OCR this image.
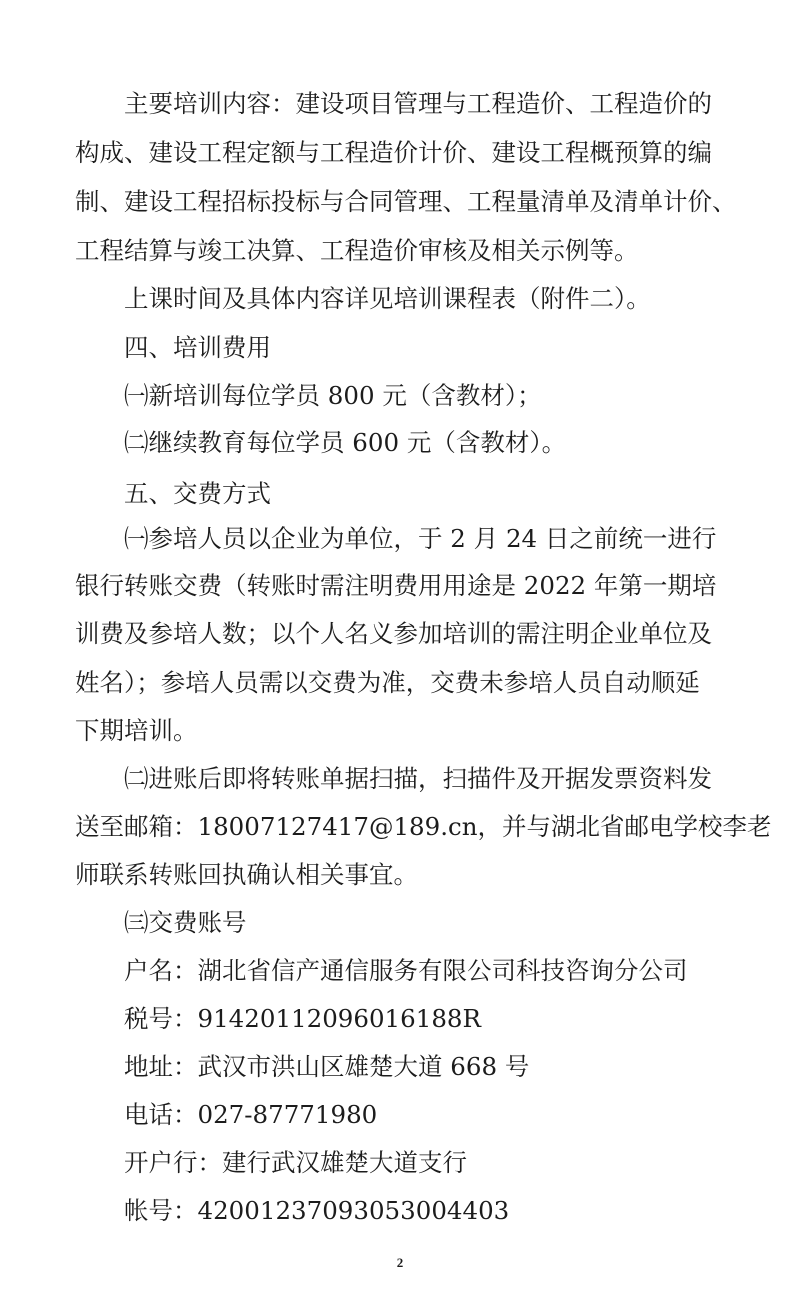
主要培训内容：建设项目管理与工程造价、工程造价的
构成、建设工程定额与工程造价计价、建设工程概预算的编
制、建设工程招标投标与合同管理、工程量清单及清单计价、
工程结算与竣工决算、工程造价审核及相关示例等。
上课时间及具体内容详见培训课程表（附件二）。
四、培训费用
㈠新培训每位学员 800 元（含教材）；
㈡继续教育每位学员 600 元（含教材）。
五、交费方式
㈠参培人员以企业为单位，于 2 月 24 日之前统一进行
银行转账交费（转账时需注明费用用途是 2022 年第一期培
训费及参培人数；以个人名义参加培训的需注明企业单位及
姓名）；参培人员需以交费为准，交费未参培人员自动顺延
下期培训。
㈡进账后即将转账单据扫描，扫描件及开据发票资料发
送至邮箱：18007127417@189.cn，并与湖北省邮电学校李老
师联系转账回执确认相关事宜。
㈢交费账号
户名：湖北省信产通信服务有限公司科技咨询分公司
税号：91420112096016188R
地址：武汉市洪山区雄楚大道 668 号
电话：027-87771980
开户行：建行武汉雄楚大道支行
帐号：42001237093053004403
2
